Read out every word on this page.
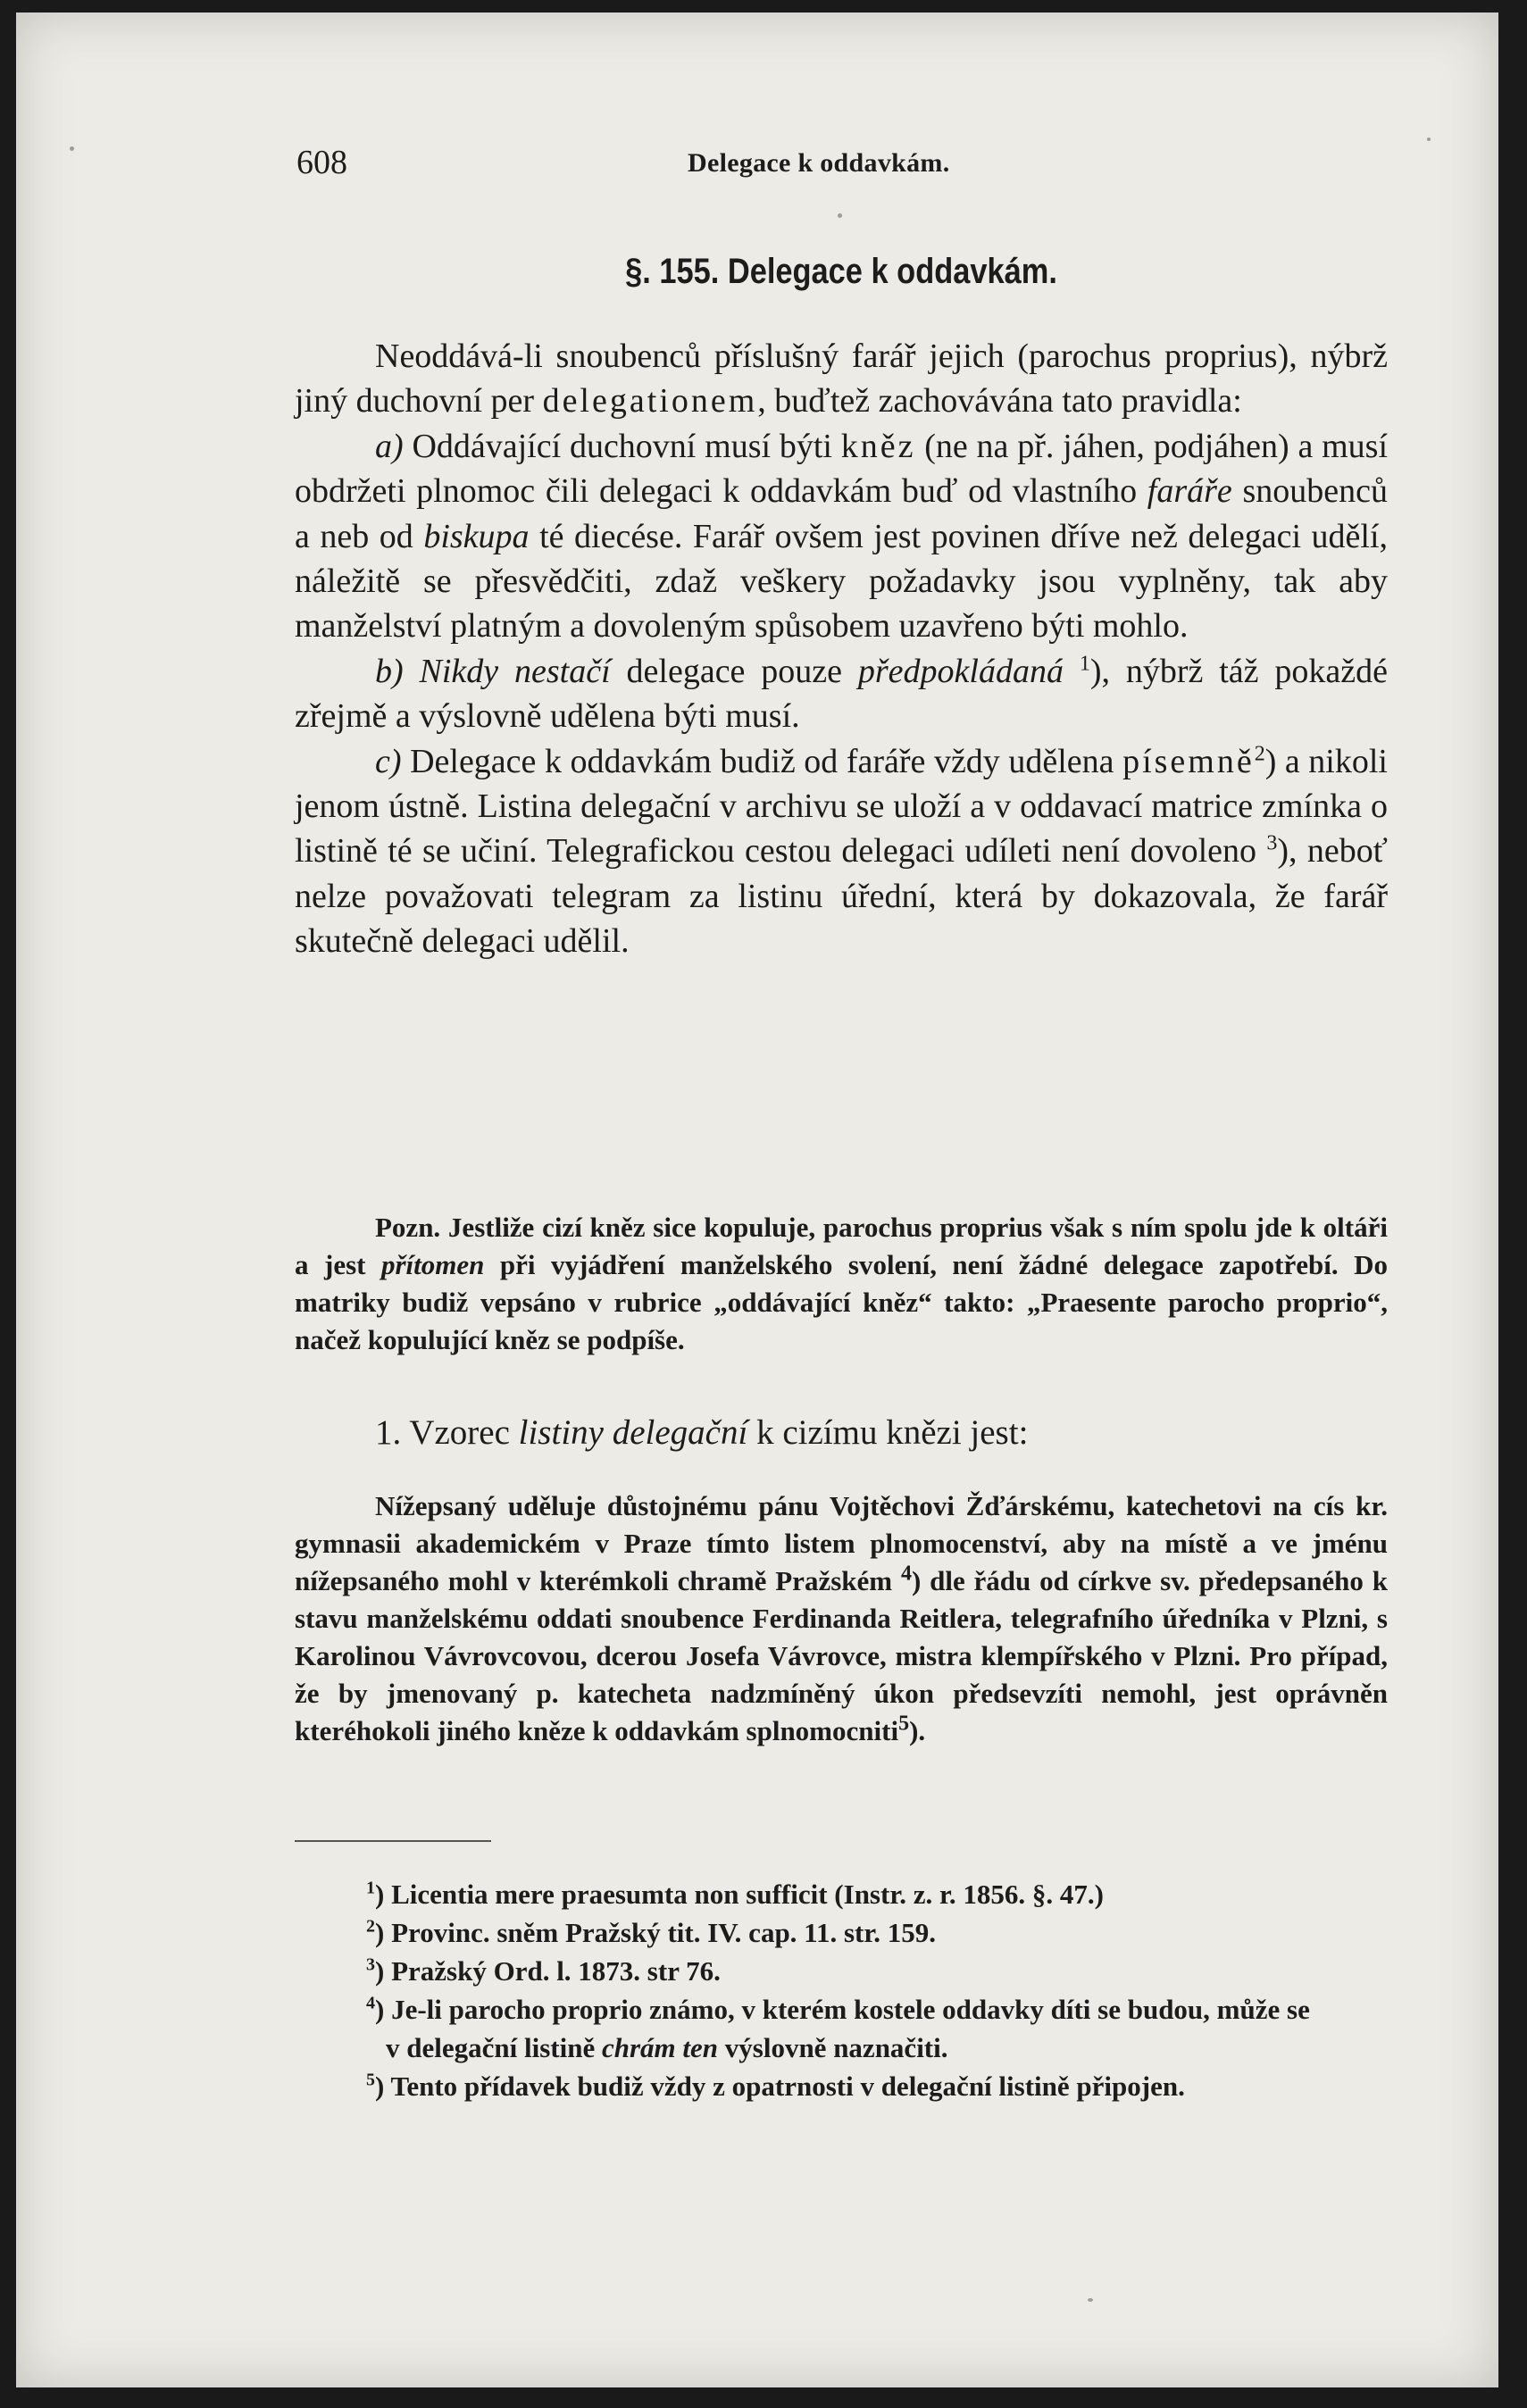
608	Delegace k oddavkám.
§. 155. Delegace k oddavkám.

Neoddává-li snoubenců příslušný farář jejich (parochus proprius), nýbrž jiný duchovní per delegationem, buďtež zachovávána tato pravidla:

a) Oddávající duchovní musí býti kněz (ne na př. jáhen, podjáhen) a musí obdržeti plnomoc čili delegaci k oddavkám buď od vlastního faráře snoubenců a neb od biskupa té diecése. Farář ovšem jest povinen dříve než delegaci udělí, náležitě se přesvědčiti, zdaž veškery požadavky jsou vyplněny, tak aby manželství platným a dovoleným spůsobem uzavřeno býti mohlo.

b) Nikdy nestačí delegace pouze předpokládaná $^1$), nýbrž táž pokaždé zřejmě a výslovně udělena býti musí.

c) Delegace k oddavkám budiž od faráře vždy udělena písemně$^2$) a nikoli jenom ústně. Listina delegační v archivu se uloží a v oddavací matrice zmínka o listině té se učiní. Telegrafickou cestou delegaci udíleti není dovoleno $^3$), neboť nelze považovati telegram za listinu úřední, která by dokazovala, že farář skutečně delegaci udělil.

Pozn. Jestliže cizí kněz sice kopuluje, parochus proprius však s ním spolu jde k oltáři a jest přítomen při vyjádření manželského svolení, není žádné delegace zapotřebí. Do matriky budiž vepsáno v rubrice „oddávající kněz“ takto: „Praesente parocho proprio“, načež kopulující kněz se podpíše.

1. Vzorec listiny delegační k cizímu knězi jest:

Nížepsaný uděluje důstojnému pánu Vojtěchovi Žďárskému, katechetovi na cís kr. gymnasii akademickém v Praze tímto listem plnomocenství, aby na místě a ve jménu nížepsaného mohl v kterémkoli chramě Pražském $^4$) dle řádu od církve sv. předepsaného k stavu manželskému oddati snoubence Ferdinanda Reitlera, telegrafního úředníka v Plzni, s Karolinou Vávrovcovou, dcerou Josefa Vávrovce, mistra klempířského v Plzni. Pro případ, že by jmenovaný p. katecheta nadzmíněný úkon předsevzíti nemohl, jest oprávněn kteréhokoli jiného kněze k oddavkám splnomocniti$^5$).

$^1$) Licentia mere praesumta non sufficit (Instr. z. r. 1856. §. 47.)
$^2$) Provinc. sněm Pražský tit. IV. cap. 11. str. 159.
$^3$) Pražský Ord. l. 1873. str 76.
$^4$) Je-li parocho proprio známo, v kterém kostele oddavky díti se budou, může se v delegační listině chrám ten výslovně naznačiti.
$^5$) Tento přídavek budiž vždy z opatrnosti v delegační listině připojen.
